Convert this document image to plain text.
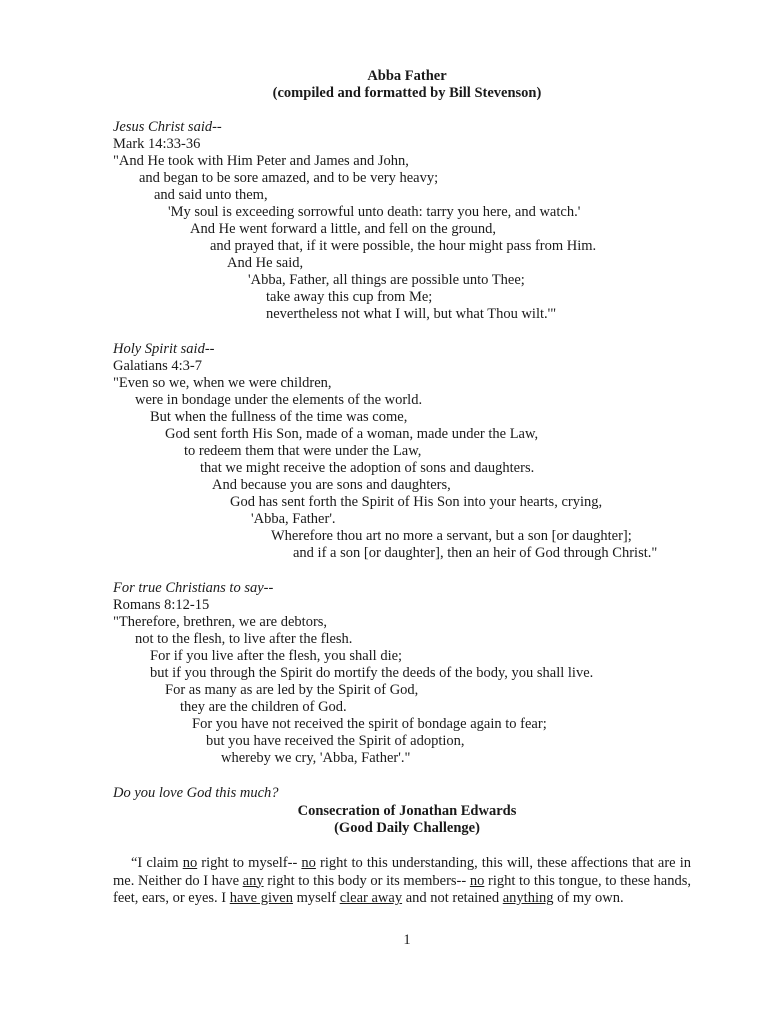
Abba Father
(compiled and formatted by Bill Stevenson)
Jesus Christ said--
Mark 14:33-36
"And He took with Him Peter and James and John,
and began to be sore amazed, and to be very heavy;
and said unto them,
'My soul is exceeding sorrowful unto death: tarry you here, and watch.'
And He went forward a little, and fell on the ground,
and prayed that, if it were possible, the hour might pass from Him.
And He said,
'Abba, Father, all things are possible unto Thee;
take away this cup from Me;
nevertheless not what I will, but what Thou wilt.'"
Holy Spirit said--
Galatians 4:3-7
"Even so we, when we were children,
were in bondage under the elements of the world.
But when the fullness of the time was come,
God sent forth His Son, made of a woman, made under the Law,
to redeem them that were under the Law,
that we might receive the adoption of sons and daughters.
And because you are sons and daughters,
God has sent forth the Spirit of His Son into your hearts, crying,
'Abba, Father'.
Wherefore thou art no more a servant, but a son [or daughter];
and if a son [or daughter], then an heir of God through Christ."
For true Christians to say--
Romans 8:12-15
"Therefore, brethren, we are debtors,
not to the flesh, to live after the flesh.
For if you live after the flesh, you shall die;
but if you through the Spirit do mortify the deeds of the body, you shall live.
For as many as are led by the Spirit of God,
they are the children of God.
For you have not received the spirit of bondage again to fear;
but you have received the Spirit of adoption,
whereby we cry, 'Abba, Father'."
Do you love God this much?
Consecration of Jonathan Edwards
(Good Daily Challenge)
“I claim no right to myself-- no right to this understanding, this will, these affections that are in me. Neither do I have any right to this body or its members-- no right to this tongue, to these hands, feet, ears, or eyes. I have given myself clear away and not retained anything of my own.
1
